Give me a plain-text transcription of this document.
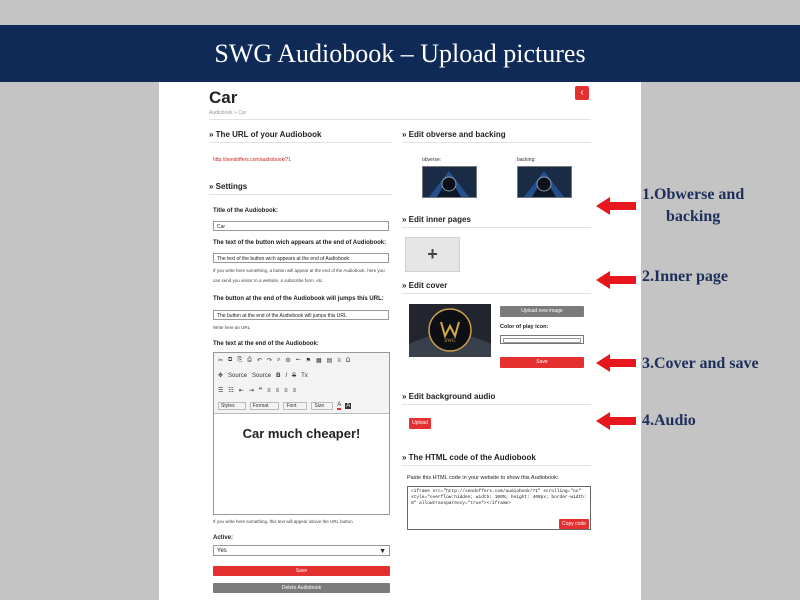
SWG Audiobook – Upload pictures
Car	‹
Audiobook » Car
» The URL of your Audiobook
http://sendoffers.com/audiobook/71
» Settings
Title of the Audiobook:
Car
The text of the button wich appears at the end of Audiobook:
The text of the button wich appears at the end of Audiobook
If you write here something, a button will appear at the end of the Audiobook, here you
can send you visitor to a website, a subscribe form, etc.
The button at the end of the Audiobook will jumps this URL:
The button at the end of the Audiobook will jumps this URL
Write here an URL
The text at the end of the Audiobook:
✂ ⧉ ⎘ ⎙ ↶ ↷ ⌕ ⚙ ⭠ ⚑ ▦ ▤ ≡ Ω
✥ Source Source B I S Tx
☰ ☷ ⇤ ⇥ ❞ ≡ ≡ ≡ ≡
Styles	Format	Font	Size	A A
Car much cheaper!
If you write here something, this text will appear above the URL button
Active:
Yes	▼
Save
Delete Audiobook
» Edit obverse and backing
obverse:	backing:
» Edit inner pages
+
» Edit cover
SWG
Upload new image
Color of play icon:
Save
» Edit background audio
Upload
» The HTML code of the Audiobook
Paste this HTML code in your website to show this Audiobook:
<iframe src="http://sendoffers.com/audiobook/71" scrolling="no" style="overflow:hidden; width: 100%; height: 400px; border-width: 0" allowtransparency="true"></iframe>
Copy code
1.Obwerse and
backing
2.Inner page
3.Cover and save
4.Audio
